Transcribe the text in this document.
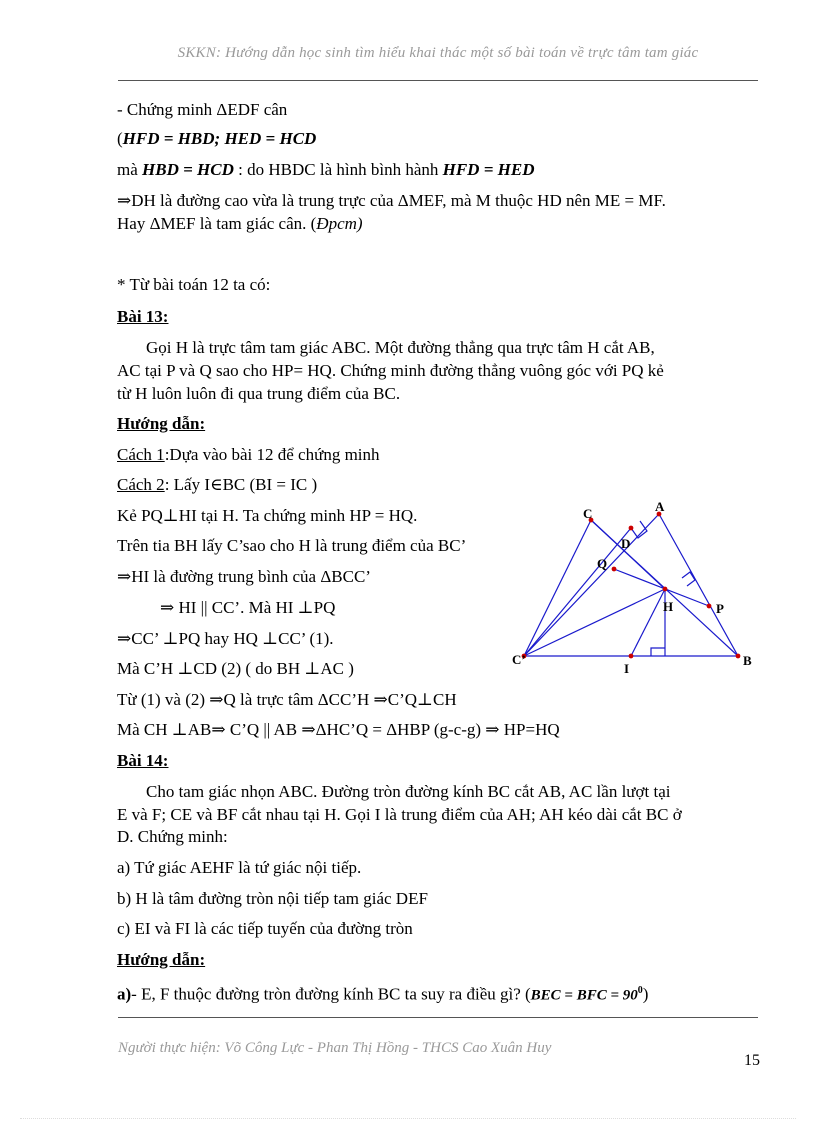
SKKN: Hướng dẫn học sinh tìm hiểu khai thác một số bài toán về trực tâm tam giác
- Chứng minh ΔEDF cân
(HFD = HBD; HED = HCD
mà HBD = HCD : do HBDC là hình bình hành HFD = HED
⇒DH là đường cao vừa là trung trực của ΔMEF, mà M thuộc HD nên ME = MF.
Hay ΔMEF là tam giác cân. (Đpcm)
* Từ bài toán 12 ta có:
Bài 13:
Gọi H là trực tâm tam giác ABC. Một đường thẳng qua trực tâm H cắt AB,
AC tại P và Q sao cho HP= HQ. Chứng minh đường thẳng vuông góc với PQ kẻ
từ H luôn luôn đi qua trung điểm của BC.
Hướng dẫn:
Cách 1:Dựa vào bài 12 để chứng minh
Cách 2: Lấy I∈BC (BI = IC )
Kẻ PQ⊥HI tại H. Ta chứng minh HP = HQ.
Trên tia BH lấy C’sao cho H là trung điểm của BC’
⇒HI là đường trung bình của ΔBCC’
⇒ HI || CC’. Mà HI ⊥PQ
⇒CC’ ⊥PQ hay HQ ⊥CC’ (1).
Mà C’H ⊥CD (2) ( do BH ⊥AC )
Từ (1) và (2) ⇒Q là trực tâm ΔCC’H ⇒C’Q⊥CH
Mà CH ⊥AB⇒ C’Q || AB ⇒ΔHC’Q = ΔHBP (g-c-g) ⇒ HP=HQ
C	A
D
Q
H	P
C’
I
B
Bài 14:
Cho tam giác nhọn ABC. Đường tròn đường kính BC cắt AB, AC lần lượt tại
E và F; CE và BF cắt nhau tại H. Gọi I là trung điểm của AH; AH kéo dài cắt BC ở
D. Chứng minh:
a) Tứ giác AEHF là tứ giác nội tiếp.
b) H là tâm đường tròn nội tiếp tam giác DEF
c) EI và FI là các tiếp tuyến của đường tròn
Hướng dẫn:
a)- E, F thuộc đường tròn đường kính BC ta suy ra điều gì? (BEC = BFC = $90^0$)
Người thực hiện: Võ Công Lực - Phan Thị Hồng - THCS Cao Xuân Huy
15
